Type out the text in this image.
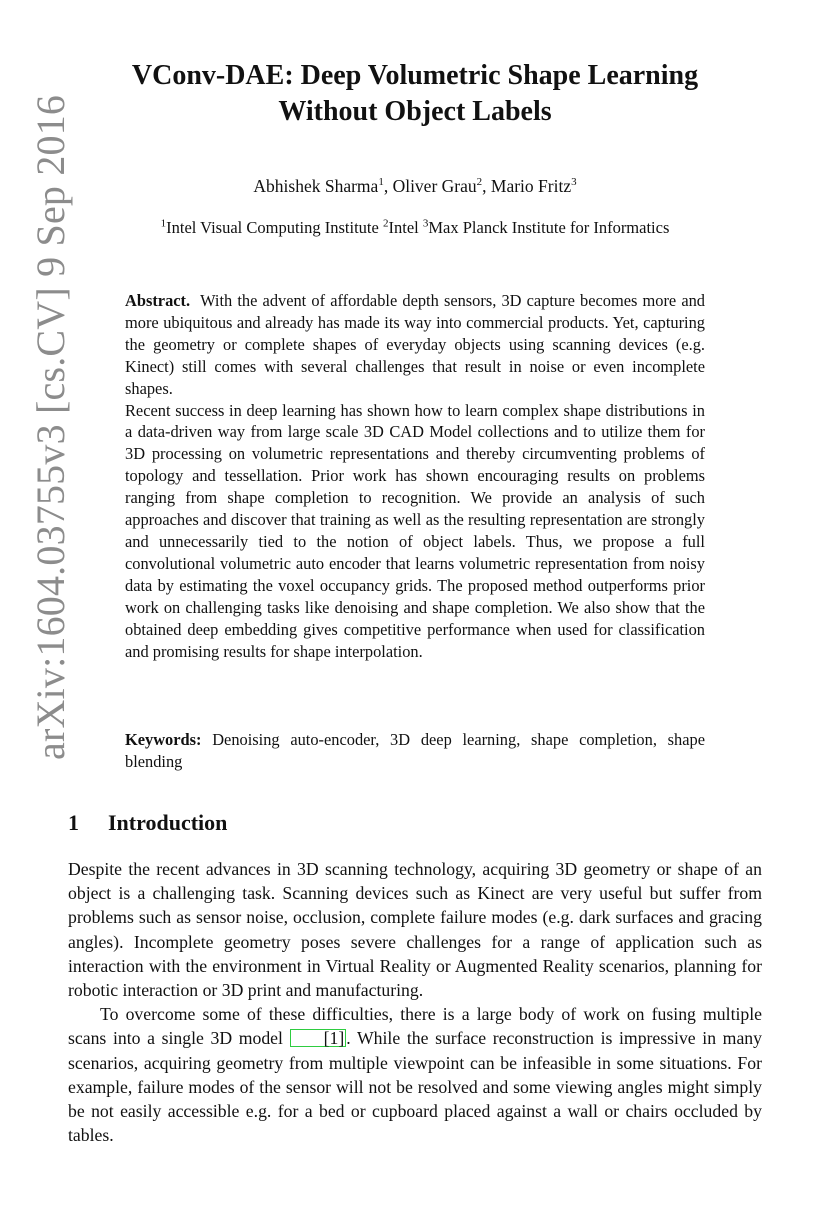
arXiv:1604.03755v3 [cs.CV] 9 Sep 2016
VConv-DAE: Deep Volumetric Shape Learning
Without Object Labels
Abhishek Sharma$^1$, Oliver Grau$^2$, Mario Fritz$^3$
$^1$Intel Visual Computing Institute $^2$Intel $^3$Max Planck Institute for Informatics

Abstract. With the advent of affordable depth sensors, 3D capture becomes more and more ubiquitous and already has made its way into commercial products. Yet, capturing the geometry or complete shapes of everyday objects using scanning devices (e.g. Kinect) still comes with several challenges that result in noise or even incomplete shapes.

Recent success in deep learning has shown how to learn complex shape distributions in a data-driven way from large scale 3D CAD Model collections and to utilize them for 3D processing on volumetric representations and thereby circumventing problems of topology and tessellation. Prior work has shown encouraging results on problems ranging from shape completion to recognition. We provide an analysis of such approaches and discover that training as well as the resulting representation are strongly and unnecessarily tied to the notion of object labels. Thus, we propose a full convolutional volumetric auto encoder that learns volumetric representation from noisy data by estimating the voxel occupancy grids. The proposed method outperforms prior work on challenging tasks like denoising and shape completion. We also show that the obtained deep embedding gives competitive performance when used for classification and promising results for shape interpolation.

Keywords: Denoising auto-encoder, 3D deep learning, shape completion, shape blending
1 Introduction

Despite the recent advances in 3D scanning technology, acquiring 3D geometry or shape of an object is a challenging task. Scanning devices such as Kinect are very useful but suffer from problems such as sensor noise, occlusion, complete failure modes (e.g. dark surfaces and gracing angles). Incomplete geometry poses severe challenges for a range of application such as interaction with the environment in Virtual Reality or Augmented Reality scenarios, planning for robotic interaction or 3D print and manufacturing.

To overcome some of these difficulties, there is a large body of work on fusing multiple scans into a single 3D model [1] . While the surface reconstruction is impressive in many scenarios, acquiring geometry from multiple viewpoint can be infeasible in some situations. For example, failure modes of the sensor will not be resolved and some viewing angles might simply be not easily accessible e.g. for a bed or cupboard placed against a wall or chairs occluded by tables.
